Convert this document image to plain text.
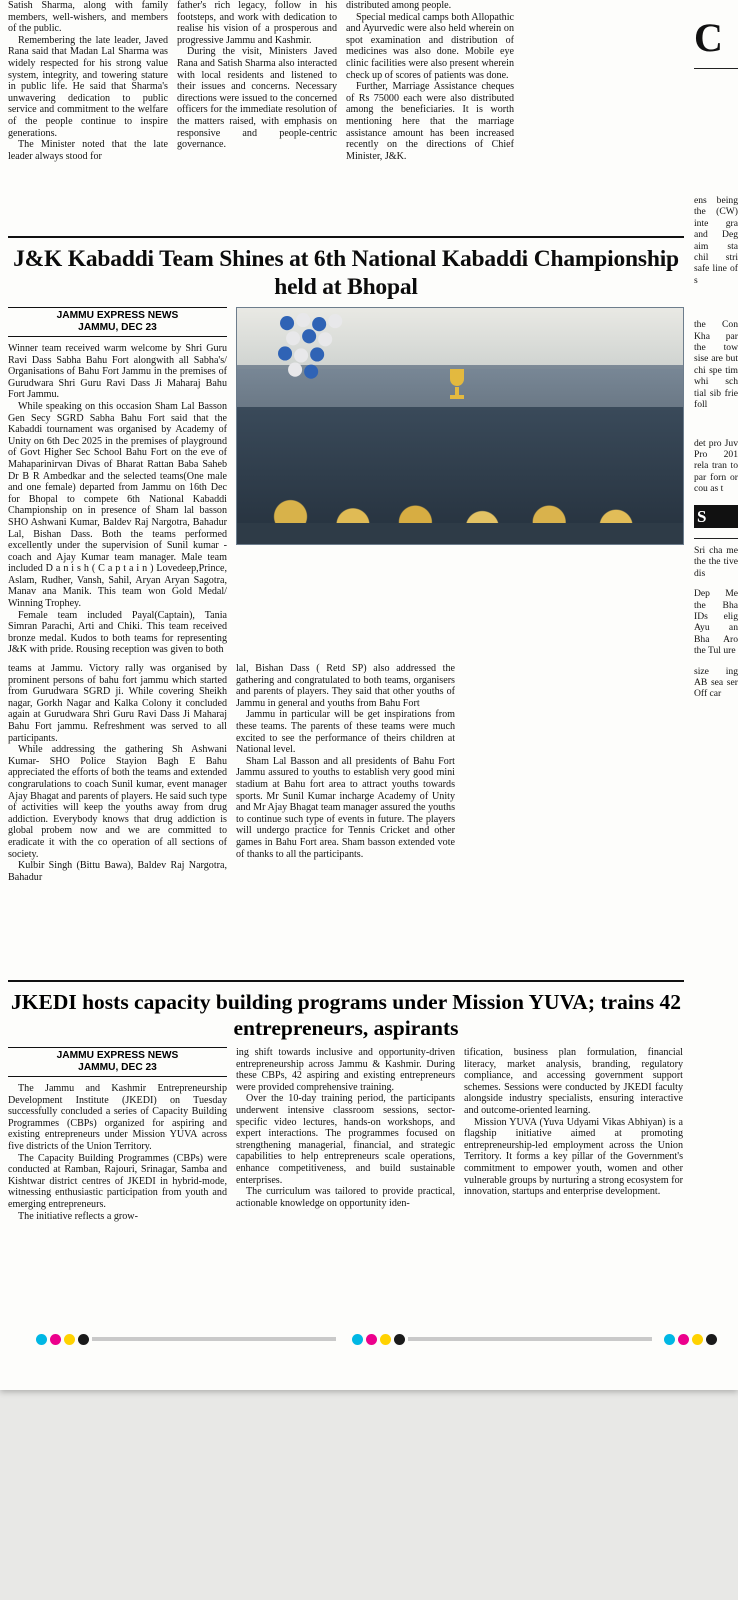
Satish Sharma, along with family members, well-wishers, and members of the public.

Remembering the late leader, Javed Rana said that Madan Lal Sharma was widely respected for his strong value system, integrity, and towering stature in public life. He said that Sharma's unwavering dedication to public service and commitment to the welfare of the people continue to inspire generations.

The Minister noted that the late leader always stood for

father's rich legacy, follow in his footsteps, and work with dedication to realise his vision of a prosperous and progressive Jammu and Kashmir.

During the visit, Ministers Javed Rana and Satish Sharma also interacted with local residents and listened to their issues and concerns. Necessary directions were issued to the concerned officers for the immediate resolution of the matters raised, with emphasis on responsive and people-centric governance.

distributed among people.

Special medical camps both Allopathic and Ayurvedic were also held wherein on spot examination and distribution of medicines was also done. Mobile eye clinic facilities were also present wherein check up of scores of patients was done.

Further, Marriage Assistance cheques of Rs 75000 each were also distributed among the beneficiaries. It is worth mentioning here that the marriage assistance amount has been increased recently on the directions of Chief Minister, J&K.

J&K Kabaddi Team Shines at 6th National Kabaddi Championship held at Bhopal
JAMMU EXPRESS NEWS
JAMMU, DEC 23

Winner team received warm welcome by Shri Guru Ravi Dass Sabha Bahu Fort alongwith all Sabha's/ Organisations of Bahu Fort Jammu in the premises of Gurudwara Shri Guru Ravi Dass Ji Maharaj Bahu Fort Jammu.

While speaking on this occasion Sham Lal Basson Gen Secy SGRD Sabha Bahu Fort said that the Kabaddi tournament was organised by Academy of Unity on 6th Dec 2025 in the premises of playground of Govt Higher Sec School Bahu Fort on the eve of Mahaparinirvan Divas of Bharat Rattan Baba Saheb Dr B R Ambedkar and the selected teams(One male and one female) departed from Jammu on 16th Dec for Bhopal to compete 6th National Kabaddi Championship on in presence of Sham lal basson SHO Ashwani Kumar, Baldev Raj Nargotra, Bahadur Lal, Bishan Dass. Both the teams performed excellently under the supervision of Sunil kumar - coach and Ajay Kumar team manager. Male team included D a n i s h ( C a p t a i n ) Lovedeep,Prince, Aslam, Rudher, Vansh, Sahil, Aryan Aryan Sagotra, Manav ana Manik. This team won Gold Medal/ Winning Trophey.

Female team included Payal(Captain), Tania Simran Parachi, Arti and Chiki. This team received bronze medal. Kudos to both teams for representing J&K with pride. Rousing reception was given to both

teams at Jammu. Victory rally was organised by prominent persons of bahu fort jammu which started from Gurudwara SGRD ji. While covering Sheikh nagar, Gorkh Nagar and Kalka Colony it concluded again at Gurudwara Shri Guru Ravi Dass Ji Maharaj Bahu Fort jammu. Refreshment was served to all participants.

While addressing the gathering Sh Ashwani Kumar- SHO Police Stayion Bagh E Bahu appreciated the efforts of both the teams and extended congrarulations to coach Sunil kumar, event manager Ajay Bhagat and parents of players. He said such type of activities will keep the youths away from drug addiction. Everybody knows that drug addiction is global probem now and we are committed to eradicate it with the co operation of all sections of society.

Kulbir Singh (Bittu Bawa), Baldev Raj Nargotra, Bahadur

lal, Bishan Dass ( Retd SP) also addressed the gathering and congratulated to both teams, organisers and parents of players. They said that other youths of Jammu in general and youths from Bahu Fort

Jammu in particular will be get inspirations from these teams. The parents of these teams were much excited to see the performance of theirs children at National level.

Sham Lal Basson and all presidents of Bahu Fort Jammu assured to youths to establish very good mini stadium at Bahu fort area to attract youths towards sports. Mr Sunil Kumar incharge Academy of Unity and Mr Ajay Bhagat team manager assured the youths to continue such type of events in future. The players will undergo practice for Tennis Cricket and other games in Bahu Fort area. Sham basson extended vote of thanks to all the participants.

JKEDI hosts capacity building programs under Mission YUVA; trains 42 entrepreneurs, aspirants
JAMMU EXPRESS NEWS
JAMMU, DEC 23

The Jammu and Kashmir Entrepreneurship Development Institute (JKEDI) on Tuesday successfully concluded a series of Capacity Building Programmes (CBPs) organized for aspiring and existing entrepreneurs under Mission YUVA across five districts of the Union Territory.

The Capacity Building Programmes (CBPs) were conducted at Ramban, Rajouri, Srinagar, Samba and Kishtwar district centres of JKEDI in hybrid-mode, witnessing enthusiastic participation from youth and emerging entrepreneurs.

The initiative reflects a grow-

ing shift towards inclusive and opportunity-driven entrepreneurship across Jammu & Kashmir. During these CBPs, 42 aspiring and existing entrepreneurs were provided comprehensive training.

Over the 10-day training period, the participants underwent intensive classroom sessions, sector-specific video lectures, hands-on workshops, and expert interactions. The programmes focused on strengthening managerial, financial, and strategic capabilities to help entrepreneurs scale operations, enhance competitiveness, and build sustainable enterprises.

The curriculum was tailored to provide practical, actionable knowledge on opportunity iden-

tification, business plan formulation, financial literacy, market analysis, branding, regulatory compliance, and accessing government support schemes. Sessions were conducted by JKEDI faculty alongside industry specialists, ensuring interactive and outcome-oriented learning.

Mission YUVA (Yuva Udyami Vikas Abhiyan) is a flagship initiative aimed at promoting entrepreneurship-led employment across the Union Territory. It forms a key pillar of the Government's commitment to empower youth, women and other vulnerable groups by nurturing a strong ecosystem for innovation, startups and enterprise development.

C
ens being the (CW) inte gra and Deg aim sta chil stri safe line of s
the Con Kha par the tow sise are but chi spe tim whi sch tial sib frie foll
det pro Juv Pro 201 rela tran to par forn or cou as t
S
Sri cha me the the tive dis
Dep Me the Bha IDs elig Ayu an Bha Aro the Tul ure
size ing AB sea ser Off car
